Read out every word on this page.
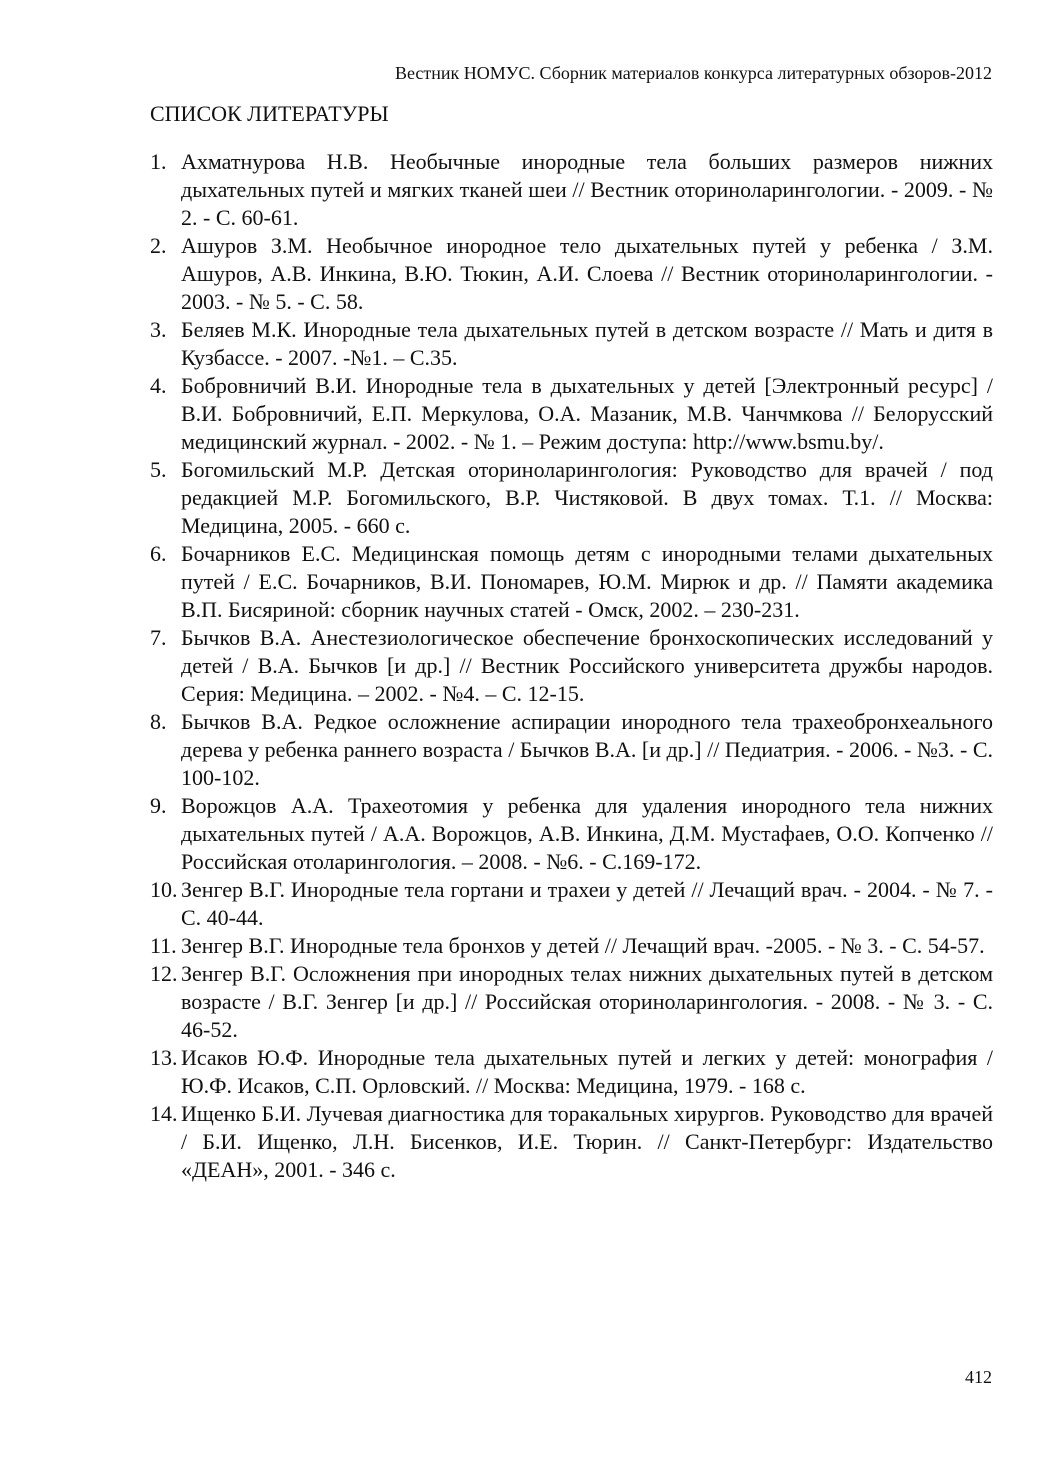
Вестник НОМУС. Сборник материалов конкурса литературных обзоров-2012
СПИСОК ЛИТЕРАТУРЫ
1. Ахматнурова Н.В. Необычные инородные тела больших размеров нижних дыхательных путей и мягких тканей шеи // Вестник оториноларингологии. - 2009. - № 2. - С. 60-61.
2. Ашуров З.М. Необычное инородное тело дыхательных путей у ребенка / З.М. Ашуров, А.В. Инкина, В.Ю. Тюкин, А.И. Слоева // Вестник оториноларингологии. - 2003. - № 5. - С. 58.
3. Беляев М.К. Инородные тела дыхательных путей в детском возрасте // Мать и дитя в Кузбассе. - 2007. -№1. – С.35.
4. Бобровничий В.И. Инородные тела в дыхательных у детей [Электронный ресурс] / В.И. Бобровничий, Е.П. Меркулова, О.А. Мазаник, М.В. Чанчмкова // Белорусский медицинский журнал. - 2002. - № 1. – Режим доступа: http://www.bsmu.by/.
5. Богомильский М.Р. Детская оториноларингология: Руководство для врачей / под редакцией М.Р. Богомильского, В.Р. Чистяковой. В двух томах. Т.1. // Москва: Медицина, 2005. - 660 с.
6. Бочарников Е.С. Медицинская помощь детям с инородными телами дыхательных путей / Е.С. Бочарников, В.И. Пономарев, Ю.М. Мирюк и др. // Памяти академика В.П. Бисяриной: сборник научных статей - Омск, 2002. – 230-231.
7. Бычков В.А. Анестезиологическое обеспечение бронхоскопических исследований у детей / В.А. Бычков [и др.] // Вестник Российского университета дружбы народов. Серия: Медицина. – 2002. - №4. – С. 12-15.
8. Бычков В.А. Редкое осложнение аспирации инородного тела трахеобронхеального дерева у ребенка раннего возраста / Бычков В.А. [и др.] // Педиатрия. - 2006. - №3. - С. 100-102.
9. Ворожцов А.А. Трахеотомия у ребенка для удаления инородного тела нижних дыхательных путей / А.А. Ворожцов, А.В. Инкина, Д.М. Мустафаев, О.О. Копченко // Российская отоларингология. – 2008. - №6. - С.169-172.
10. Зенгер В.Г. Инородные тела гортани и трахеи у детей // Лечащий врач. - 2004. - № 7. - С. 40-44.
11. Зенгер В.Г. Инородные тела бронхов у детей // Лечащий врач. -2005. - № 3. - С. 54-57.
12. Зенгер В.Г. Осложнения при инородных телах нижних дыхательных путей в детском возрасте / В.Г. Зенгер [и др.] // Российская оториноларингология. - 2008. - № 3. - С. 46-52.
13. Исаков Ю.Ф. Инородные тела дыхательных путей и легких у детей: монография / Ю.Ф. Исаков, С.П. Орловский. // Москва: Медицина, 1979. - 168 с.
14. Ищенко Б.И. Лучевая диагностика для торакальных хирургов. Руководство для врачей / Б.И. Ищенко, Л.Н. Бисенков, И.Е. Тюрин. // Санкт-Петербург: Издательство «ДЕАН», 2001. - 346 с.
412
